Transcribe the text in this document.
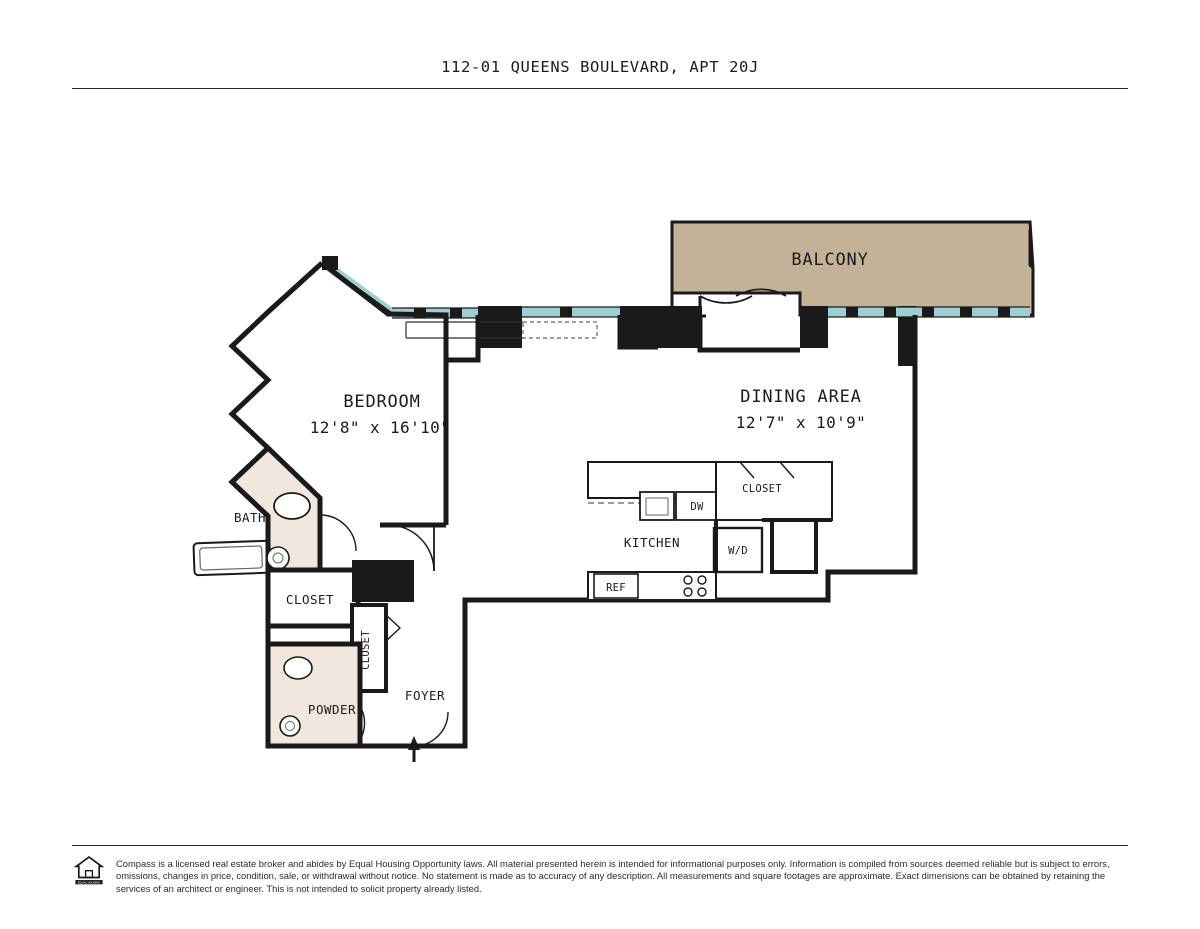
112-01 QUEENS BOULEVARD, APT 20J
BATH
CLOSET
CLOSET
POWDER
FOYER
DW
W/D
REF
KITCHEN
CLOSET
BALCONY
BEDROOM
12'8" x 16'10"
DINING AREA
12'7" x 10'9"
EQUAL HOUSING
Compass is a licensed real estate broker and abides by Equal Housing Opportunity laws. All material presented herein is intended for informational purposes only. Information is compiled from sources deemed reliable but is subject to errors, omissions, changes in price, condition, sale, or withdrawal without notice. No statement is made as to accuracy of any description. All measurements and square footages are approximate. Exact dimensions can be obtained by retaining the services of an architect or engineer. This is not intended to solicit property already listed.
